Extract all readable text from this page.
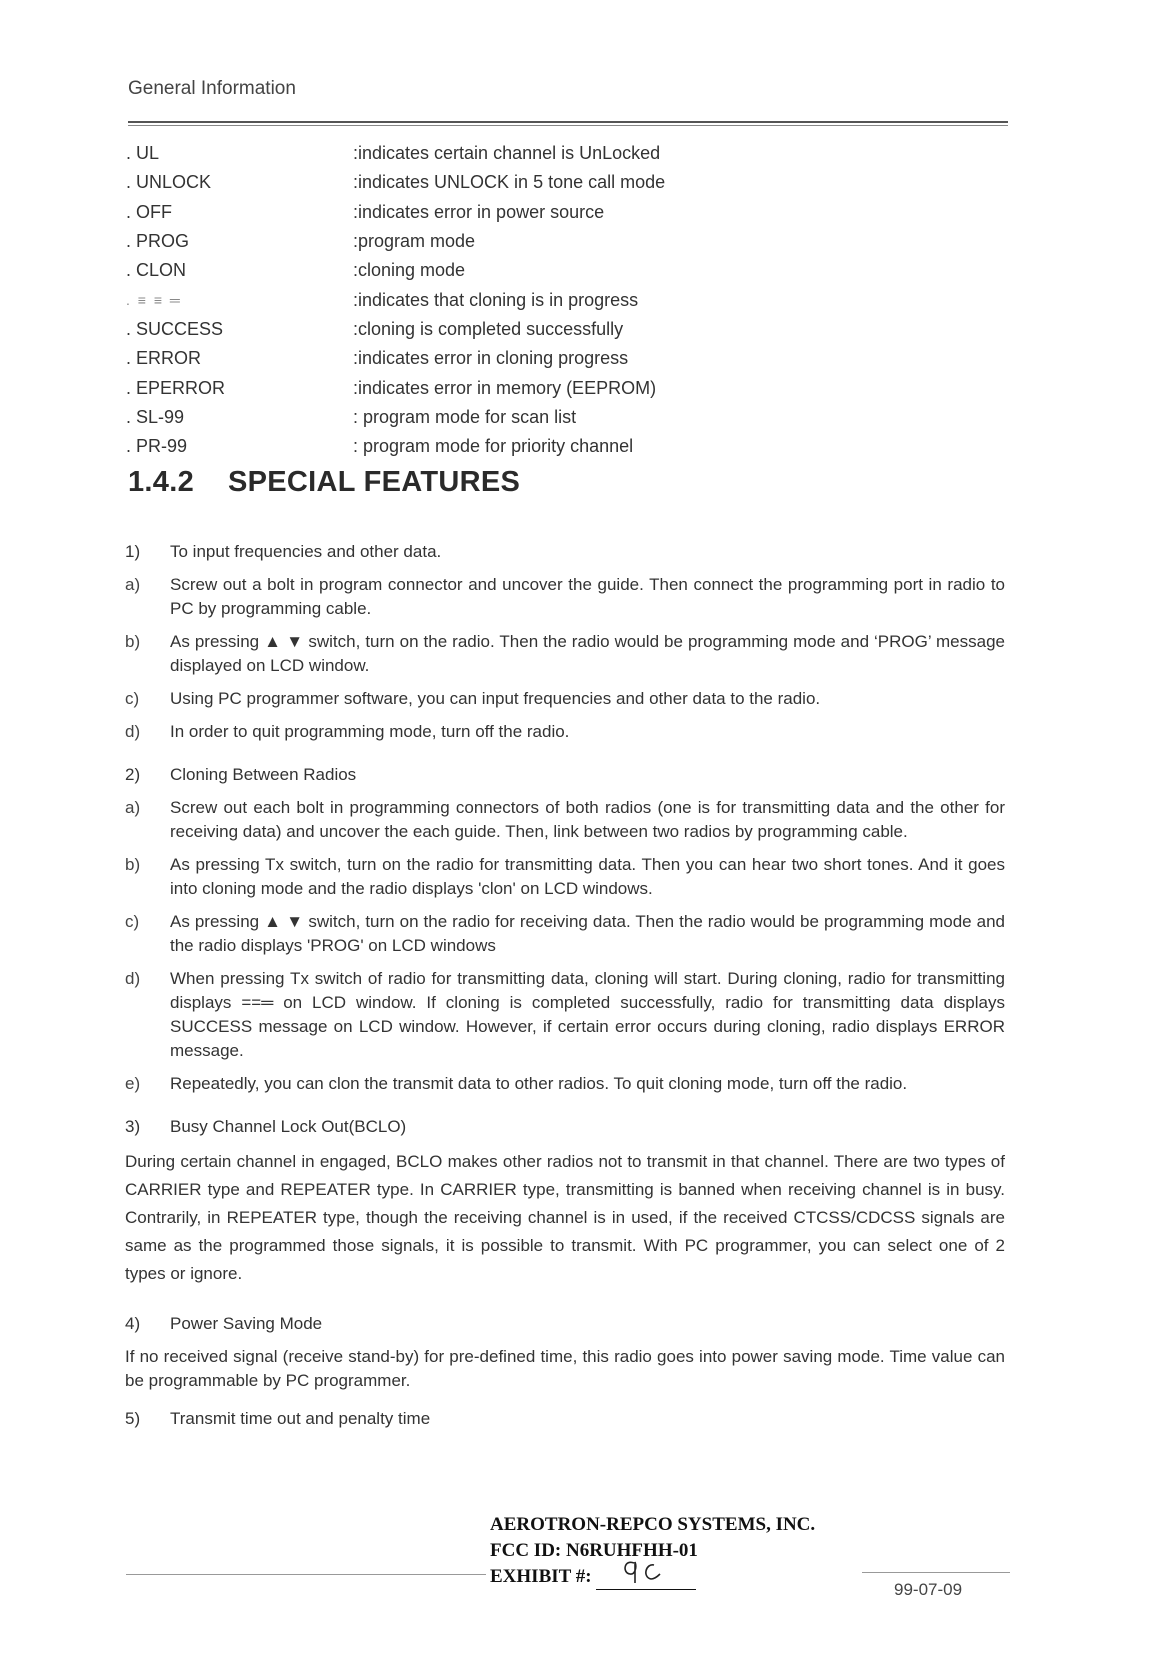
General Information
. UL	:indicates certain channel is UnLocked
. UNLOCK	:indicates UNLOCK in 5 tone call mode
. OFF	:indicates error in power source
. PROG	:program mode
. CLON	:cloning mode
. ≡ ≡ ═	:indicates that cloning is in progress
. SUCCESS	:cloning is completed successfully
. ERROR	:indicates error in cloning progress
. EPERROR	:indicates error in memory (EEPROM)
. SL-99	: program mode for scan list
. PR-99	: program mode for priority channel
1.4.2 SPECIAL FEATURES
1)	To input frequencies and other data.
a)	Screw out a bolt in program connector and uncover the guide. Then connect the programming port in radio to PC by programming cable.
b)	As pressing ▲ ▼ switch, turn on the radio. Then the radio would be programming mode and ‘PROG’ message displayed on LCD window.
c)	Using PC programmer software, you can input frequencies and other data to the radio.
d)	In order to quit programming mode, turn off the radio.
2)	Cloning Between Radios
a)	Screw out each bolt in programming connectors of both radios (one is for transmitting data and the other for receiving data) and uncover the each guide. Then, link between two radios by programming cable.
b)	As pressing Tx switch, turn on the radio for transmitting data. Then you can hear two short tones. And it goes into cloning mode and the radio displays 'clon' on LCD windows.
c)	As pressing ▲ ▼ switch, turn on the radio for receiving data. Then the radio would be programming mode and the radio displays 'PROG' on LCD windows
d)	When pressing Tx switch of radio for transmitting data, cloning will start. During cloning, radio for transmitting displays ==═ on LCD window. If cloning is completed successfully, radio for transmitting data displays SUCCESS message on LCD window. However, if certain error occurs during cloning, radio displays ERROR message.
e)	Repeatedly, you can clon the transmit data to other radios. To quit cloning mode, turn off the radio.
3)	Busy Channel Lock Out(BCLO)
During certain channel in engaged, BCLO makes other radios not to transmit in that channel. There are two types of CARRIER type and REPEATER type. In CARRIER type, transmitting is banned when receiving channel is in busy. Contrarily, in REPEATER type, though the receiving channel is in used, if the received CTCSS/CDCSS signals are same as the programmed those signals, it is possible to transmit. With PC programmer, you can select one of 2 types or ignore.
4)	Power Saving Mode
If no received signal (receive stand-by) for pre-defined time, this radio goes into power saving mode. Time value can be programmable by PC programmer.
5)	Transmit time out and penalty time
AEROTRON-REPCO SYSTEMS, INC.
FCC ID: N6RUHFHH-01
EXHIBIT #:
99-07-09
